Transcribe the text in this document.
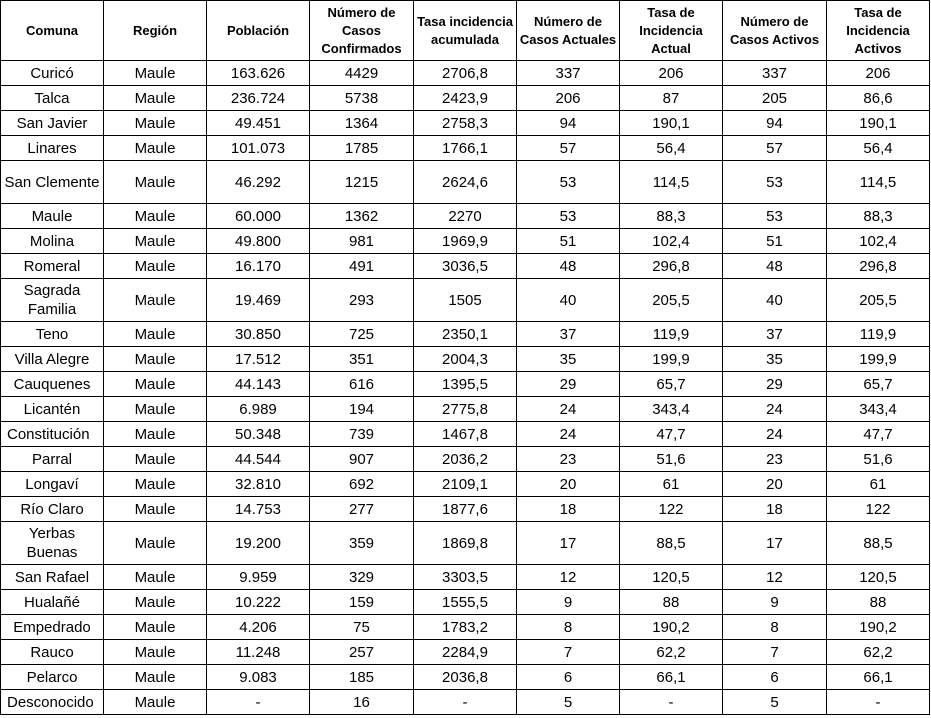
Comuna	Región	Población	Número de Casos Confirmados	Tasa incidencia acumulada	Número de Casos Actuales	Tasa de Incidencia Actual	Número de Casos Activos	Tasa de Incidencia Activos
Curicó	Maule	163.626	4429	2706,8	337	206	337	206
Talca	Maule	236.724	5738	2423,9	206	87	205	86,6
San Javier	Maule	49.451	1364	2758,3	94	190,1	94	190,1
Linares	Maule	101.073	1785	1766,1	57	56,4	57	56,4
San Clemente	Maule	46.292	1215	2624,6	53	114,5	53	114,5
Maule	Maule	60.000	1362	2270	53	88,3	53	88,3
Molina	Maule	49.800	981	1969,9	51	102,4	51	102,4
Romeral	Maule	16.170	491	3036,5	48	296,8	48	296,8
Sagrada Familia	Maule	19.469	293	1505	40	205,5	40	205,5
Teno	Maule	30.850	725	2350,1	37	119,9	37	119,9
Villa Alegre	Maule	17.512	351	2004,3	35	199,9	35	199,9
Cauquenes	Maule	44.143	616	1395,5	29	65,7	29	65,7
Licantén	Maule	6.989	194	2775,8	24	343,4	24	343,4
Constitución	Maule	50.348	739	1467,8	24	47,7	24	47,7
Parral	Maule	44.544	907	2036,2	23	51,6	23	51,6
Longaví	Maule	32.810	692	2109,1	20	61	20	61
Río Claro	Maule	14.753	277	1877,6	18	122	18	122
Yerbas Buenas	Maule	19.200	359	1869,8	17	88,5	17	88,5
San Rafael	Maule	9.959	329	3303,5	12	120,5	12	120,5
Hualañé	Maule	10.222	159	1555,5	9	88	9	88
Empedrado	Maule	4.206	75	1783,2	8	190,2	8	190,2
Rauco	Maule	11.248	257	2284,9	7	62,2	7	62,2
Pelarco	Maule	9.083	185	2036,8	6	66,1	6	66,1
Desconocido	Maule	-	16	-	5	-	5	-
